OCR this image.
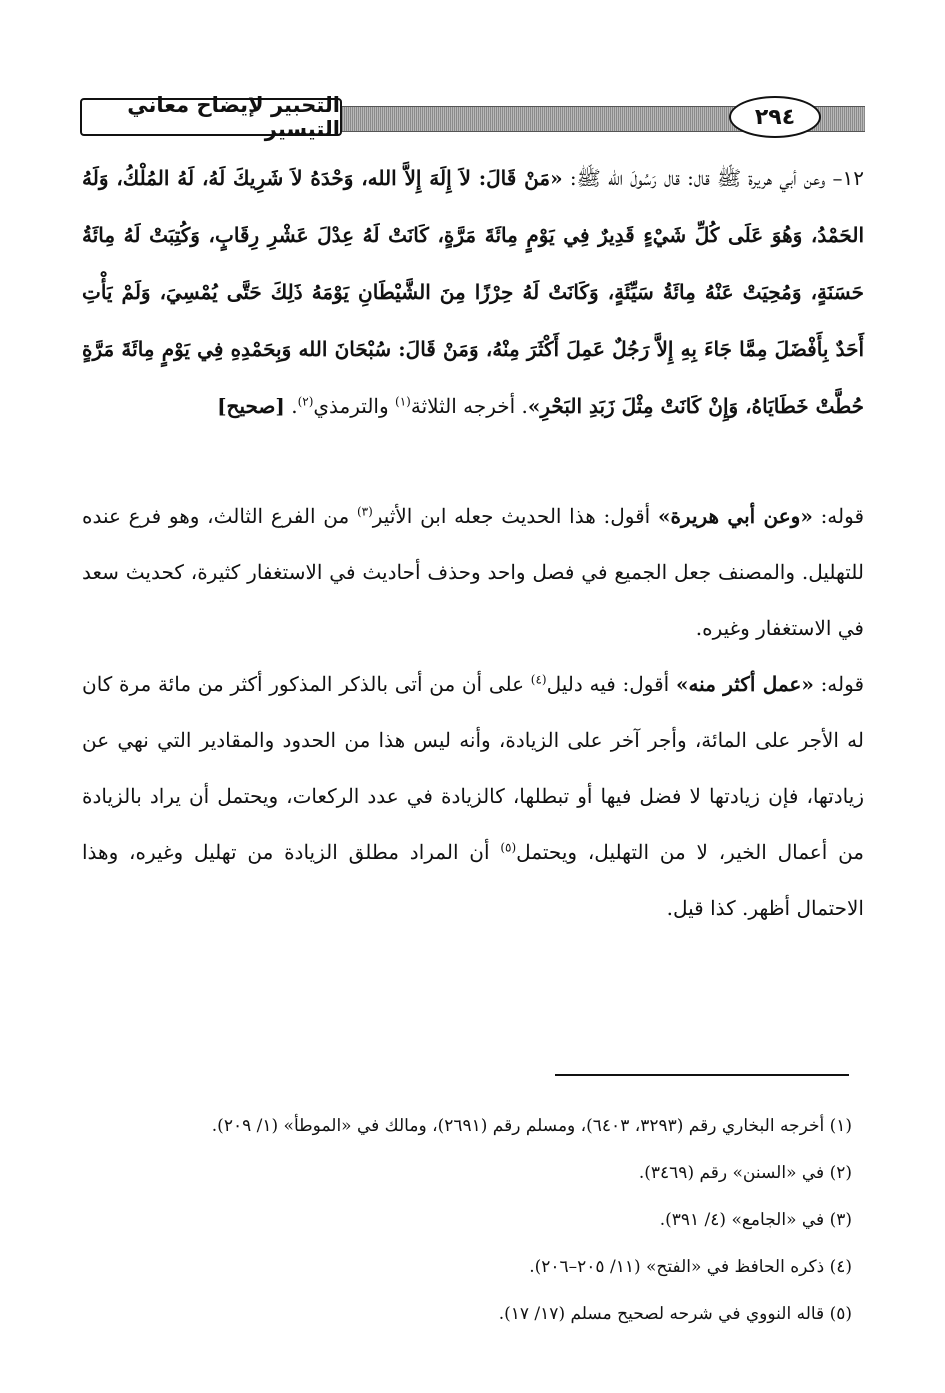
التحبير لإيضاح معاني التيسير	٢٩٤
١٢– وعن أبي هريرة ﷺ قال: قال رَسُولَ الله ﷺ: «مَنْ قَالَ: لاَ إِلَهَ إِلاَّ الله، وَحْدَهُ لاَ شَرِيكَ لَهُ، لَهُ المُلْكُ، وَلَهُ الحَمْدُ، وَهُوَ عَلَى كُلِّ شَيْءٍ قَدِيرٌ فِي يَوْمٍ مِائَةَ مَرَّةٍ، كَانَتْ لَهُ عِدْلَ عَشْرِ رِقَابٍ، وَكُتِبَتْ لَهُ مِائَةُ حَسَنَةٍ، وَمُحِيَتْ عَنْهُ مِائَةُ سَيِّئَةٍ، وَكَانَتْ لَهُ حِرْزًا مِنَ الشَّيْطَانِ يَوْمَهُ ذَلِكَ حَتَّى يُمْسِيَ، وَلَمْ يَأْتِ أَحَدٌ بِأَفْضَلَ مِمَّا جَاءَ بِهِ إِلاَّ رَجُلٌ عَمِلَ أَكْثَرَ مِنْهُ، وَمَنْ قَالَ: سُبْحَانَ الله وَبِحَمْدِهِ فِي يَوْمٍ مِائَةَ مَرَّةٍ حُطَّتْ خَطَايَاهُ، وَإِنْ كَانَتْ مِثْلَ زَبَدِ البَحْرِ». أخرجه الثلاثة$^{(١)}$ والترمذي$^{(٢)}$. [صحيح]
قوله: «وعن أبي هريرة» أقول: هذا الحديث جعله ابن الأثير$^{(٣)}$ من الفرع الثالث، وهو فرع عنده للتهليل. والمصنف جعل الجميع في فصل واحد وحذف أحاديث في الاستغفار كثيرة، كحديث سعد في الاستغفار وغيره.
قوله: «عمل أكثر منه» أقول: فيه دليل$^{(٤)}$ على أن من أتى بالذكر المذكور أكثر من مائة مرة كان له الأجر على المائة، وأجر آخر على الزيادة، وأنه ليس هذا من الحدود والمقادير التي نهي عن زيادتها، فإن زيادتها لا فضل فيها أو تبطلها، كالزيادة في عدد الركعات، ويحتمل أن يراد بالزيادة من أعمال الخير، لا من التهليل، ويحتمل$^{(٥)}$ أن المراد مطلق الزيادة من تهليل وغيره، وهذا الاحتمال أظهر. كذا قيل.
(١) أخرجه البخاري رقم (٣٢٩٣، ٦٤٠٣)، ومسلم رقم (٢٦٩١)، ومالك في «الموطأ» (١/ ٢٠٩).
(٢) في «السنن» رقم (٣٤٦٩).
(٣) في «الجامع» (٤/ ٣٩١).
(٤) ذكره الحافظ في «الفتح» (١١/ ٢٠٥–٢٠٦).
(٥) قاله النووي في شرحه لصحيح مسلم (١٧/ ١٧).
